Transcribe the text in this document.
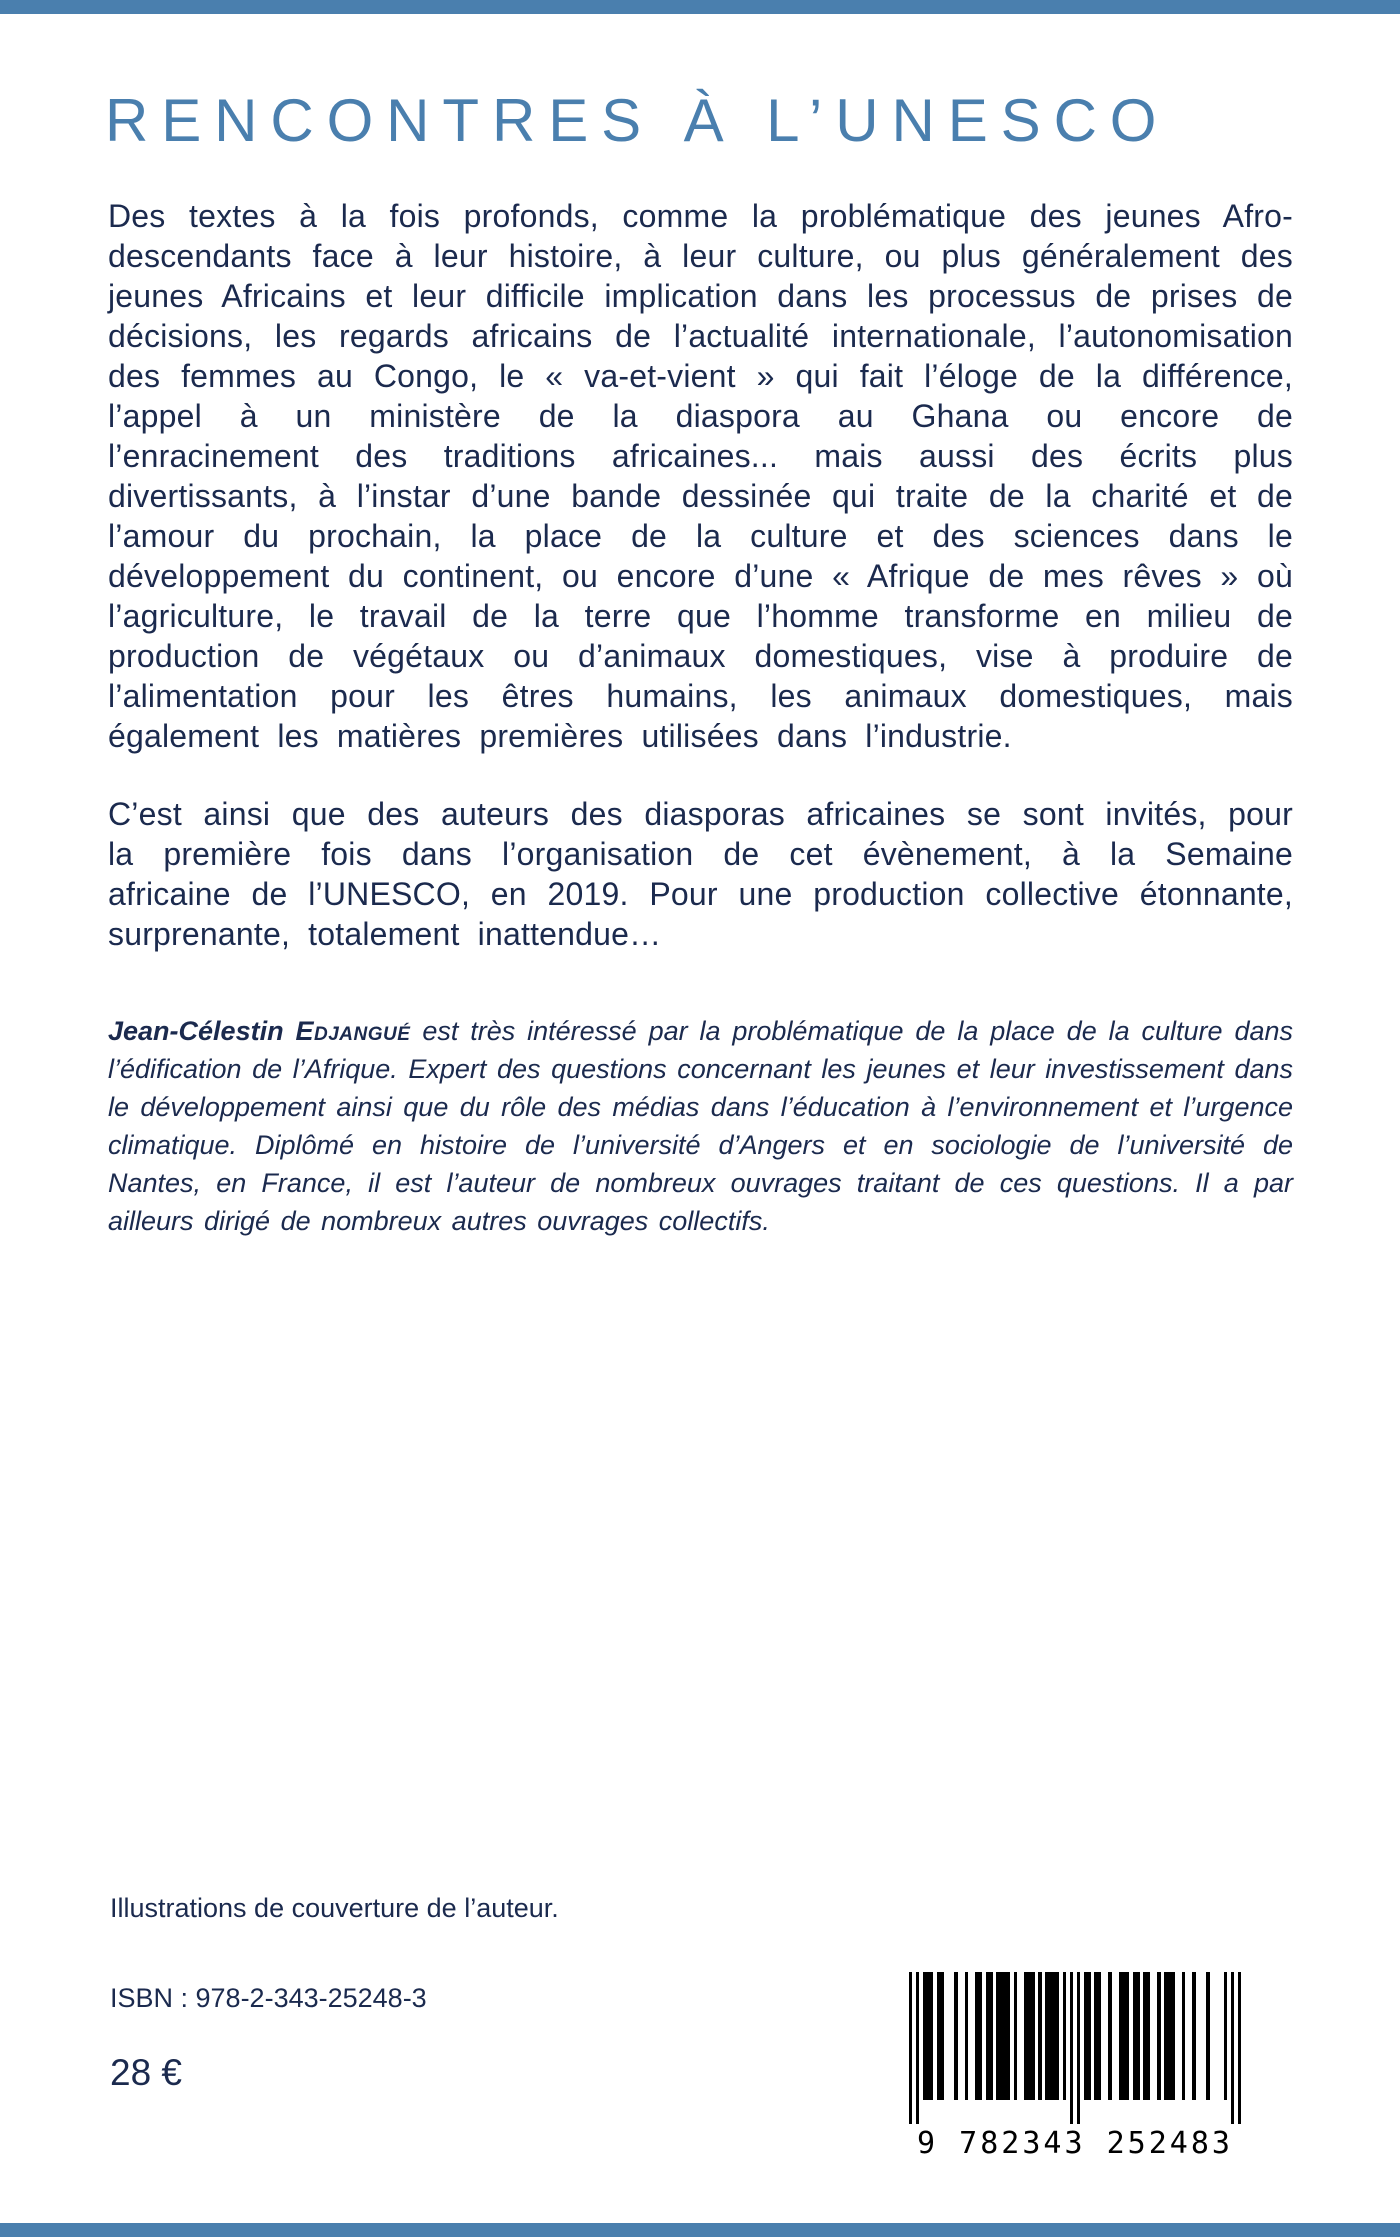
RENCONTRES À L’UNESCO

Des textes à la fois profonds, comme la problématique des jeunes Afro-descendants face à leur histoire, à leur culture, ou plus généralement des jeunes Africains et leur difficile implication dans les processus de prises de décisions, les regards africains de l’actualité internationale, l’autonomisation des femmes au Congo, le « va-et-vient » qui fait l’éloge de la différence, l’appel à un ministère de la diaspora au Ghana ou encore de l’enracinement des traditions africaines... mais aussi des écrits plus divertissants, à l’instar d’une bande dessinée qui traite de la charité et de l’amour du prochain, la place de la culture et des sciences dans le développement du continent, ou encore d’une « Afrique de mes rêves » où l’agriculture, le travail de la terre que l’homme transforme en milieu de production de végétaux ou d’animaux domestiques, vise à produire de l’alimentation pour les êtres humains, les animaux domestiques, mais également les matières premières utilisées dans l’industrie.

C’est ainsi que des auteurs des diasporas africaines se sont invités, pour la première fois dans l’organisation de cet évènement, à la Semaine africaine de l’UNESCO, en 2019. Pour une production collective étonnante, surprenante, totalement inattendue…

Jean-Célestin Edjangué est très intéressé par la problématique de la place de la culture dans l’édification de l’Afrique. Expert des questions concernant les jeunes et leur investissement dans le développement ainsi que du rôle des médias dans l’éducation à l’environnement et l’urgence climatique. Diplômé en histoire de l’université d’Angers et en sociologie de l’université de Nantes, en France, il est l’auteur de nombreux ouvrages traitant de ces questions. Il a par ailleurs dirigé de nombreux autres ouvrages collectifs.

Illustrations de couverture de l’auteur.
ISBN : 978-2-343-25248-3
28 €
9 782343 252483
